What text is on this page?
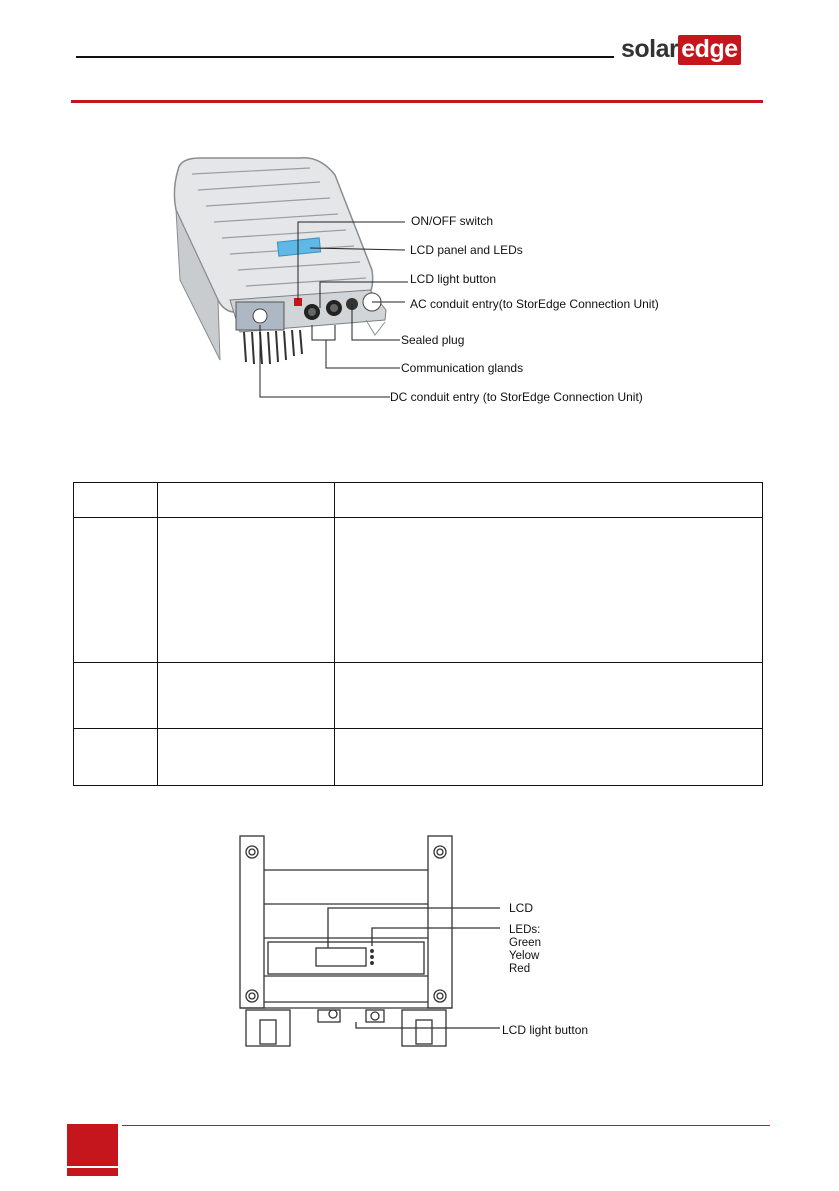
solar edge
ON/OFF switch
LCD panel and LEDs
LCD light button
AC conduit entry(to StorEdge Connection Unit)
Sealed plug
Communication glands
DC conduit entry (to StorEdge Connection Unit)

LCD
LEDs:
Green
Yelow
Red
LCD light button
